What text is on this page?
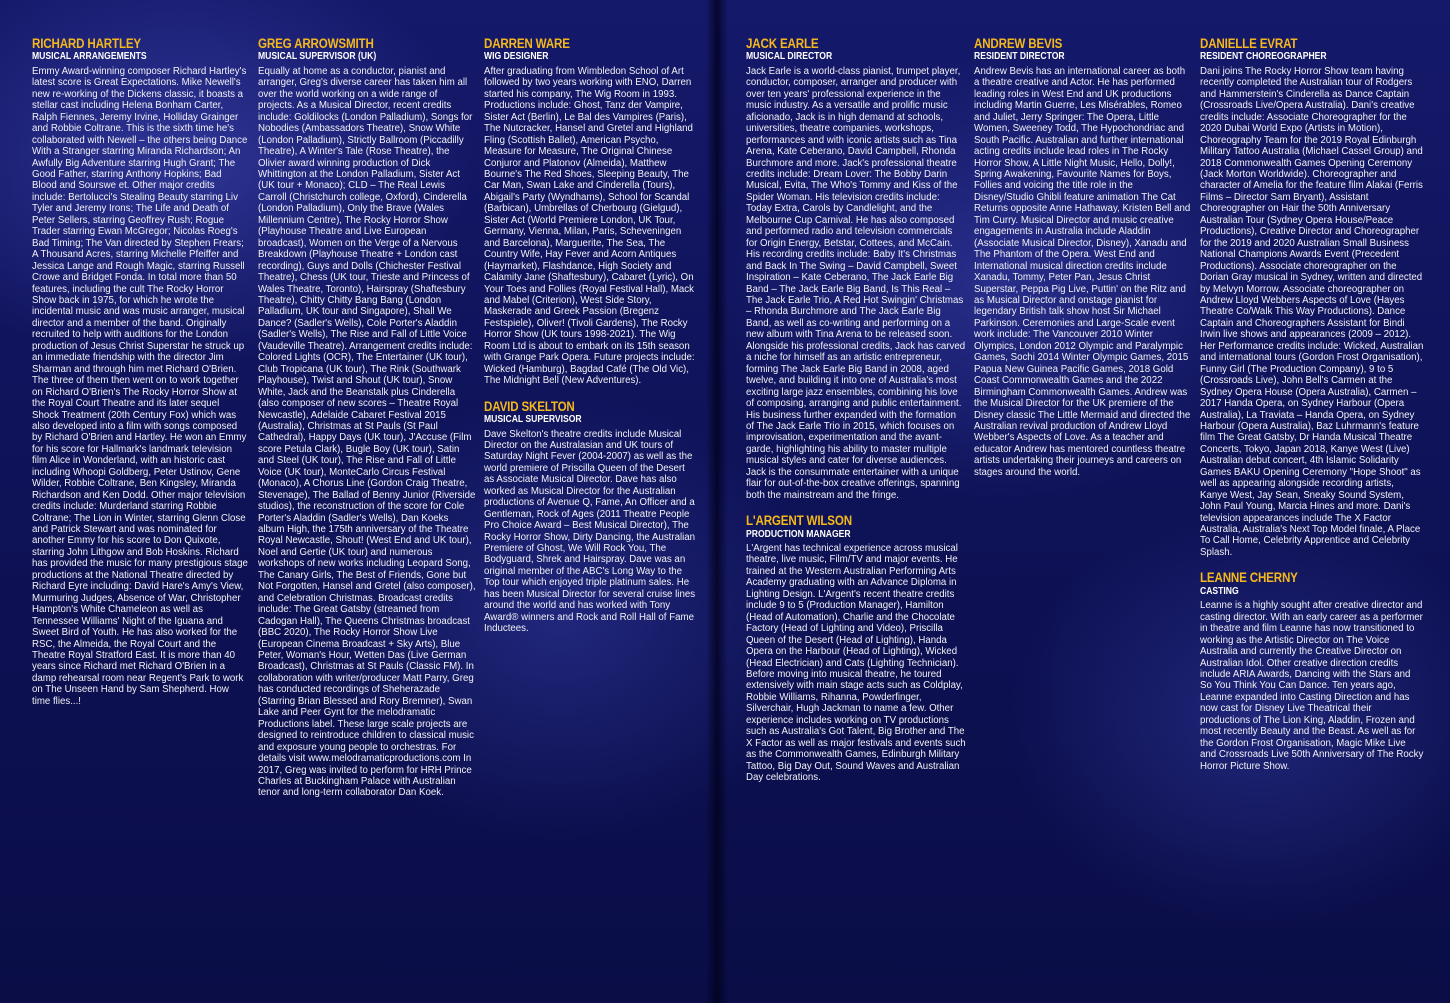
RICHARD HARTLEY
MUSICAL ARRANGEMENTS

Emmy Award-winning composer Richard Hartley's latest score is Great Expectations. Mike Newell's new re-working of the Dickens classic, it boasts a stellar cast including Helena Bonham Carter, Ralph Fiennes, Jeremy Irvine, Holliday Grainger and Robbie Coltrane. This is the sixth time he's collaborated with Newell – the others being Dance With a Stranger starring Miranda Richardson; An Awfully Big Adventure starring Hugh Grant; The Good Father, starring Anthony Hopkins; Bad Blood and Sourswe et. Other major credits include: Bertolucci's Stealing Beauty starring Liv Tyler and Jeremy Irons; The Life and Death of Peter Sellers, starring Geoffrey Rush; Rogue Trader starring Ewan McGregor; Nicolas Roeg's Bad Timing; The Van directed by Stephen Frears; A Thousand Acres, starring Michelle Pfeiffer and Jessica Lange and Rough Magic, starring Russell Crowe and Bridget Fonda. In total more than 50 features, including the cult The Rocky Horror Show back in 1975, for which he wrote the incidental music and was music arranger, musical director and a member of the band. Originally recruited to help with auditions for the London production of Jesus Christ Superstar he struck up an immediate friendship with the director Jim Sharman and through him met Richard O'Brien. The three of them then went on to work together on Richard O'Brien's The Rocky Horror Show at the Royal Court Theatre and its later sequel Shock Treatment (20th Century Fox) which was also developed into a film with songs composed by Richard O'Brien and Hartley. He won an Emmy for his score for Hallmark's landmark television film Alice in Wonderland, with an historic cast including Whoopi Goldberg, Peter Ustinov, Gene Wilder, Robbie Coltrane, Ben Kingsley, Miranda Richardson and Ken Dodd. Other major television credits include: Murderland starring Robbie Coltrane; The Lion in Winter, starring Glenn Close and Patrick Stewart and was nominated for another Emmy for his score to Don Quixote, starring John Lithgow and Bob Hoskins. Richard has provided the music for many prestigious stage productions at the National Theatre directed by Richard Eyre including: David Hare's Amy's View, Murmuring Judges, Absence of War, Christopher Hampton's White Chameleon as well as Tennessee Williams' Night of the Iguana and Sweet Bird of Youth. He has also worked for the RSC, the Almeida, the Royal Court and the Theatre Royal Stratford East. It is more than 40 years since Richard met Richard O'Brien in a damp rehearsal room near Regent's Park to work on The Unseen Hand by Sam Shepherd. How time flies...!

GREG ARROWSMITH
MUSICAL SUPERVISOR (UK)

Equally at home as a conductor, pianist and arranger, Greg's diverse career has taken him all over the world working on a wide range of projects. As a Musical Director, recent credits include: Goldilocks (London Palladium), Songs for Nobodies (Ambassadors Theatre), Snow White (London Palladium), Strictly Ballroom (Piccadilly Theatre), A Winter's Tale (Rose Theatre), the Olivier award winning production of Dick Whittington at the London Palladium, Sister Act (UK tour + Monaco); CLD – The Real Lewis Carroll (Christchurch college, Oxford), Cinderella (London Palladium), Only the Brave (Wales Millennium Centre), The Rocky Horror Show (Playhouse Theatre and Live European broadcast), Women on the Verge of a Nervous Breakdown (Playhouse Theatre + London cast recording), Guys and Dolls (Chichester Festival Theatre), Chess (UK tour, Trieste and Princess of Wales Theatre, Toronto), Hairspray (Shaftesbury Theatre), Chitty Chitty Bang Bang (London Palladium, UK tour and Singapore), Shall We Dance? (Sadler's Wells), Cole Porter's Aladdin (Sadler's Wells), The Rise and Fall of Little Voice (Vaudeville Theatre). Arrangement credits include: Colored Lights (OCR), The Entertainer (UK tour), Club Tropicana (UK tour), The Rink (Southwark Playhouse), Twist and Shout (UK tour), Snow White, Jack and the Beanstalk plus Cinderella (also composer of new scores – Theatre Royal Newcastle), Adelaide Cabaret Festival 2015 (Australia), Christmas at St Pauls (St Paul Cathedral), Happy Days (UK tour), J'Accuse (Film score Petula Clark), Bugle Boy (UK tour), Satin and Steel (UK tour), The Rise and Fall of Little Voice (UK tour), MonteCarlo Circus Festival (Monaco), A Chorus Line (Gordon Craig Theatre, Stevenage), The Ballad of Benny Junior (Riverside studios), the reconstruction of the score for Cole Porter's Aladdin (Sadler's Wells), Dan Koeks album High, the 175th anniversary of the Theatre Royal Newcastle, Shout! (West End and UK tour), Noel and Gertie (UK tour) and numerous workshops of new works including Leopard Song, The Canary Girls, The Best of Friends, Gone but Not Forgotten, Hansel and Gretel (also composer), and Celebration Christmas. Broadcast credits include: The Great Gatsby (streamed from Cadogan Hall), The Queens Christmas broadcast (BBC 2020), The Rocky Horror Show Live (European Cinema Broadcast + Sky Arts), Blue Peter, Woman's Hour, Wetten Das (Live German Broadcast), Christmas at St Pauls (Classic FM). In collaboration with writer/producer Matt Parry, Greg has conducted recordings of Sheherazade (Starring Brian Blessed and Rory Bremner), Swan Lake and Peer Gynt for the melodramatic Productions label. These large scale projects are designed to reintroduce children to classical music and exposure young people to orchestras. For details visit www.melodramaticproductions.com In 2017, Greg was invited to perform for HRH Prince Charles at Buckingham Palace with Australian tenor and long-term collaborator Dan Koek.

DARREN WARE
WIG DESIGNER

After graduating from Wimbledon School of Art followed by two years working with ENO, Darren started his company, The Wig Room in 1993. Productions include: Ghost, Tanz der Vampire, Sister Act (Berlin), Le Bal des Vampires (Paris), The Nutcracker, Hansel and Gretel and Highland Fling (Scottish Ballet), American Psycho, Measure for Measure, The Original Chinese Conjuror and Platonov (Almeida), Matthew Bourne's The Red Shoes, Sleeping Beauty, The Car Man, Swan Lake and Cinderella (Tours), Abigail's Party (Wyndhams), School for Scandal (Barbican), Umbrellas of Cherbourg (Gielgud), Sister Act (World Premiere London, UK Tour, Germany, Vienna, Milan, Paris, Scheveningen and Barcelona), Marguerite, The Sea, The Country Wife, Hay Fever and Acorn Antiques (Haymarket), Flashdance, High Society and Calamity Jane (Shaftesbury), Cabaret (Lyric), On Your Toes and Follies (Royal Festival Hall), Mack and Mabel (Criterion), West Side Story, Maskerade and Greek Passion (Bregenz Festspiele), Oliver! (Tivoli Gardens), The Rocky Horror Show (UK tours 1998-2021). The Wig Room Ltd is about to embark on its 15th season with Grange Park Opera. Future projects include: Wicked (Hamburg), Bagdad Café (The Old Vic), The Midnight Bell (New Adventures).

DAVID SKELTON
MUSICAL SUPERVISOR

Dave Skelton's theatre credits include Musical Director on the Australasian and UK tours of Saturday Night Fever (2004-2007) as well as the world premiere of Priscilla Queen of the Desert as Associate Musical Director. Dave has also worked as Musical Director for the Australian productions of Avenue Q, Fame, An Officer and a Gentleman, Rock of Ages (2011 Theatre People Pro Choice Award – Best Musical Director), The Rocky Horror Show, Dirty Dancing, the Australian Premiere of Ghost, We Will Rock You, The Bodyguard, Shrek and Hairspray. Dave was an original member of the ABC's Long Way to the Top tour which enjoyed triple platinum sales. He has been Musical Director for several cruise lines around the world and has worked with Tony Award® winners and Rock and Roll Hall of Fame Inductees.

JACK EARLE
MUSICAL DIRECTOR

Jack Earle is a world-class pianist, trumpet player, conductor, composer, arranger and producer with over ten years' professional experience in the music industry. As a versatile and prolific music aficionado, Jack is in high demand at schools, universities, theatre companies, workshops, performances and with iconic artists such as Tina Arena, Kate Ceberano, David Campbell, Rhonda Burchmore and more. Jack's professional theatre credits include: Dream Lover: The Bobby Darin Musical, Evita, The Who's Tommy and Kiss of the Spider Woman. His television credits include: Today Extra, Carols by Candlelight, and the Melbourne Cup Carnival. He has also composed and performed radio and television commercials for Origin Energy, Betstar, Cottees, and McCain. His recording credits include: Baby It's Christmas and Back In The Swing – David Campbell, Sweet Inspiration – Kate Ceberano, The Jack Earle Big Band – The Jack Earle Big Band, Is This Real – The Jack Earle Trio, A Red Hot Swingin' Christmas – Rhonda Burchmore and The Jack Earle Big Band, as well as co-writing and performing on a new album with Tina Arena to be released soon. Alongside his professional credits, Jack has carved a niche for himself as an artistic entrepreneur, forming The Jack Earle Big Band in 2008, aged twelve, and building it into one of Australia's most exciting large jazz ensembles, combining his love of composing, arranging and public entertainment. His business further expanded with the formation of The Jack Earle Trio in 2015, which focuses on improvisation, experimentation and the avant-garde, highlighting his ability to master multiple musical styles and cater for diverse audiences. Jack is the consummate entertainer with a unique flair for out-of-the-box creative offerings, spanning both the mainstream and the fringe.

L'ARGENT WILSON
PRODUCTION MANAGER

L'Argent has technical experience across musical theatre, live music, Film/TV and major events. He trained at the Western Australian Performing Arts Academy graduating with an Advance Diploma in Lighting Design. L'Argent's recent theatre credits include 9 to 5 (Production Manager), Hamilton (Head of Automation), Charlie and the Chocolate Factory (Head of Lighting and Video), Priscilla Queen of the Desert (Head of Lighting), Handa Opera on the Harbour (Head of Lighting), Wicked (Head Electrician) and Cats (Lighting Technician). Before moving into musical theatre, he toured extensively with main stage acts such as Coldplay, Robbie Williams, Rihanna, Powderfinger, Silverchair, Hugh Jackman to name a few. Other experience includes working on TV productions such as Australia's Got Talent, Big Brother and The X Factor as well as major festivals and events such as the Commonwealth Games, Edinburgh Military Tattoo, Big Day Out, Sound Waves and Australian Day celebrations.

ANDREW BEVIS
RESIDENT DIRECTOR

Andrew Bevis has an international career as both a theatre creative and Actor. He has performed leading roles in West End and UK productions including Martin Guerre, Les Misérables, Romeo and Juliet, Jerry Springer: The Opera, Little Women, Sweeney Todd, The Hypochondriac and South Pacific. Australian and further international acting credits include lead roles in The Rocky Horror Show, A Little Night Music, Hello, Dolly!, Spring Awakening, Favourite Names for Boys, Follies and voicing the title role in the Disney/Studio Ghibli feature animation The Cat Returns opposite Anne Hathaway, Kristen Bell and Tim Curry. Musical Director and music creative engagements in Australia include Aladdin (Associate Musical Director, Disney), Xanadu and The Phantom of the Opera. West End and International musical direction credits include Xanadu, Tommy, Peter Pan, Jesus Christ Superstar, Peppa Pig Live, Puttin' on the Ritz and as Musical Director and onstage pianist for legendary British talk show host Sir Michael Parkinson. Ceremonies and Large-Scale event work include: The Vancouver 2010 Winter Olympics, London 2012 Olympic and Paralympic Games, Sochi 2014 Winter Olympic Games, 2015 Papua New Guinea Pacific Games, 2018 Gold Coast Commonwealth Games and the 2022 Birmingham Commonwealth Games. Andrew was the Musical Director for the UK premiere of the Disney classic The Little Mermaid and directed the Australian revival production of Andrew Lloyd Webber's Aspects of Love. As a teacher and educator Andrew has mentored countless theatre artists undertaking their journeys and careers on stages around the world.

DANIELLE EVRAT
RESIDENT CHOREOGRAPHER

Dani joins The Rocky Horror Show team having recently completed the Australian tour of Rodgers and Hammerstein's Cinderella as Dance Captain (Crossroads Live/Opera Australia). Dani's creative credits include: Associate Choreographer for the 2020 Dubai World Expo (Artists in Motion), Choreography Team for the 2019 Royal Edinburgh Military Tattoo Australia (Michael Cassel Group) and 2018 Commonwealth Games Opening Ceremony (Jack Morton Worldwide). Choreographer and character of Amelia for the feature film Alakai (Ferris Films – Director Sam Bryant), Assistant Choreographer on Hair the 50th Anniversary Australian Tour (Sydney Opera House/Peace Productions), Creative Director and Choreographer for the 2019 and 2020 Australian Small Business National Champions Awards Event (Precedent Productions). Associate choreographer on the Dorian Gray musical in Sydney, written and directed by Melvyn Morrow. Associate choreographer on Andrew Lloyd Webbers Aspects of Love (Hayes Theatre Co/Walk This Way Productions). Dance Captain and Choreographers Assistant for Bindi Irwin live shows and appearances (2009 – 2012). Her Performance credits include: Wicked, Australian and international tours (Gordon Frost Organisation), Funny Girl (The Production Company), 9 to 5 (Crossroads Live), John Bell's Carmen at the Sydney Opera House (Opera Australia), Carmen – 2017 Handa Opera, on Sydney Harbour (Opera Australia), La Traviata – Handa Opera, on Sydney Harbour (Opera Australia), Baz Luhrmann's feature film The Great Gatsby, Dr Handa Musical Theatre Concerts, Tokyo, Japan 2018, Kanye West (Live) Australian debut concert, 4th Islamic Solidarity Games BAKU Opening Ceremony "Hope Shoot" as well as appearing alongside recording artists, Kanye West, Jay Sean, Sneaky Sound System, John Paul Young, Marcia Hines and more. Dani's television appearances include The X Factor Australia, Australia's Next Top Model finale, A Place To Call Home, Celebrity Apprentice and Celebrity Splash.

LEANNE CHERNY
CASTING

Leanne is a highly sought after creative director and casting director. With an early career as a performer in theatre and film Leanne has now transitioned to working as the Artistic Director on The Voice Australia and currently the Creative Director on Australian Idol. Other creative direction credits include ARIA Awards, Dancing with the Stars and So You Think You Can Dance. Ten years ago, Leanne expanded into Casting Direction and has now cast for Disney Live Theatrical their productions of The Lion King, Aladdin, Frozen and most recently Beauty and the Beast. As well as for the Gordon Frost Organisation, Magic Mike Live and Crossroads Live 50th Anniversary of The Rocky Horror Picture Show.
